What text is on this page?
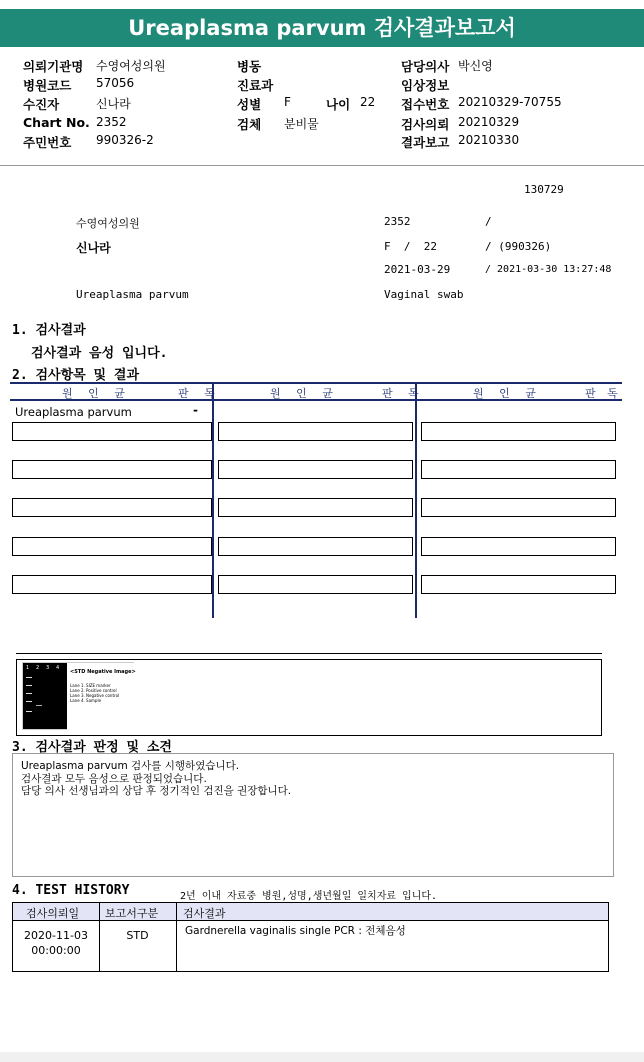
Ureaplasma parvum 검사결과보고서
의뢰기관명 수영여성의원
병원코드 57056
수진자	신나라
Chart No. 2352
주민번호 990326-2
병동
진료과
성별 F	나이 22
검체 분비물
담당의사 박신영
임상정보
접수번호 20210329-70755
검사의뢰 20210329
결과보고 20210330
130729
수영여성의원	2352	/
신나라	F  /  22	/ (990326)
2021-03-29	/ 2021-03-30 13:27:48
Ureaplasma parvum	Vaginal swab
1. 검사결과
검사결과 음성 입니다.
2. 검사항목 및 결과
원 인 균	판 독	원 인 균	판 독	원 인 균	판 독
Ureaplasma parvum	-
1 2 3 4
<STD Negative Image>
Lane 1. SIZE marker
Lane 2. Positive control
Lane 3. Negative control
Lane 4. Sample
3. 검사결과 판정 및 소견
Ureaplasma parvum 검사를 시행하였습니다.
검사결과 모두 음성으로 판정되었습니다.
담당 의사 선생님과의 상담 후 정기적인 검진을 권장합니다.
4. TEST HISTORY	2년 이내 자료중 병원,성명,생년월일 일치자료 입니다.
검사의뢰일 보고서구분 검사결과
2020-11-03
00:00:00
STD	Gardnerella vaginalis single PCR : 전체음성
